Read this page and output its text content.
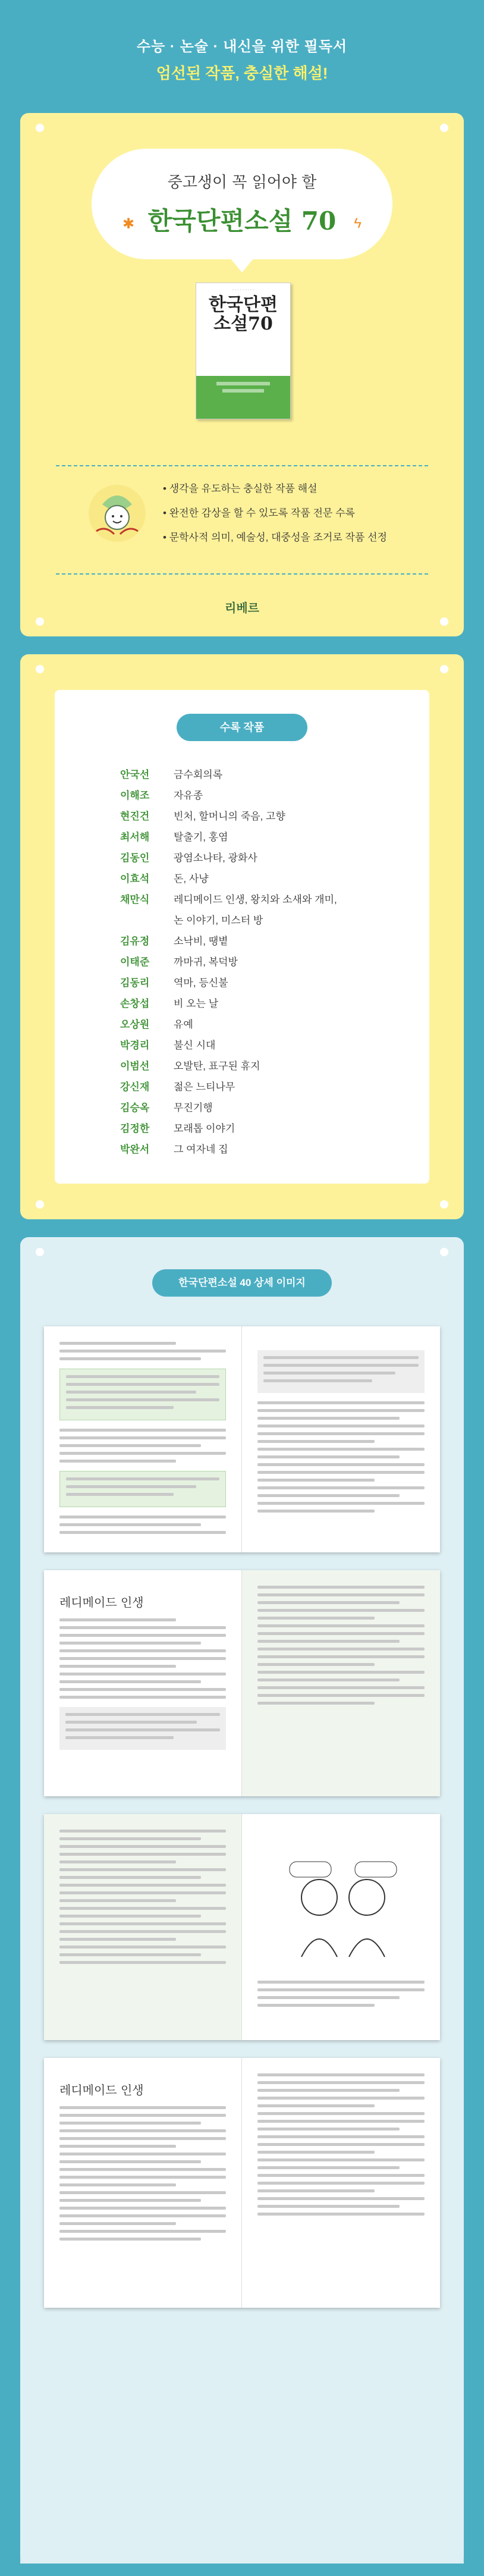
수능 · 논술 · 내신을 위한 필독서
엄선된 작품, 충실한 해설!
중고생이 꼭 읽어야 할
✱ 한국단편소설 70	ϟ
· · · · · · · · ·
한국단편소설70
• 생각을 유도하는 충실한 작품 해설
• 완전한 감상을 할 수 있도록 작품 전문 수록
• 문학사적 의미, 예술성, 대중성을 조거로 작품 선정
리베르
수록 작품
안국선	금수회의록
이해조	자유종
현진건	빈처, 할머니의 죽음, 고향
최서해	탈출기, 홍염
김동인	광염소나타, 광화사
이효석	돈, 사냥
채만식	레디메이드 인생, 왕치와 소새와 개미,
논 이야기, 미스터 방
김유정	소낙비, 땡볕
이태준	까마귀, 복덕방
김동리	역마, 등신불
손창섭	비 오는 날
오상원	유예
박경리	불신 시대
이범선	오발탄, 표구된 휴지
강신재	젊은 느티나무
김승옥	무진기행
김정한	모래톱 이야기
박완서	그 여자네 집
한국단편소설 40 상세 이미지
레디메이드 인생
레디메이드 인생
